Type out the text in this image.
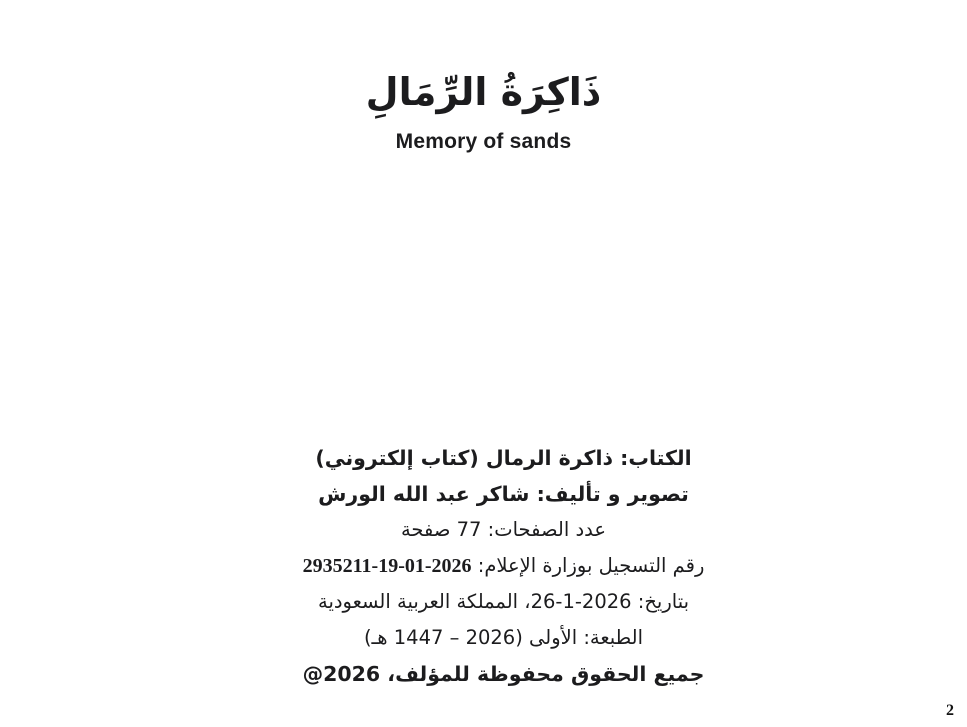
ذَاكِرَةُ الرِّمَالِ
Memory of sands

الكتاب: ذاكرة الرمال (كتاب إلكتروني)

تصوير و تأليف: شاكر عبد الله الورش

عدد الصفحات: 77 صفحة

رقم التسجيل بوزارة الإعلام: 2026-01-19-2935211

بتاريخ: 2026-1-26، المملكة العربية السعودية

الطبعة: الأولى (2026 – 1447 هـ)

جميع الحقوق محفوظة للمؤلف، 2026@

2
